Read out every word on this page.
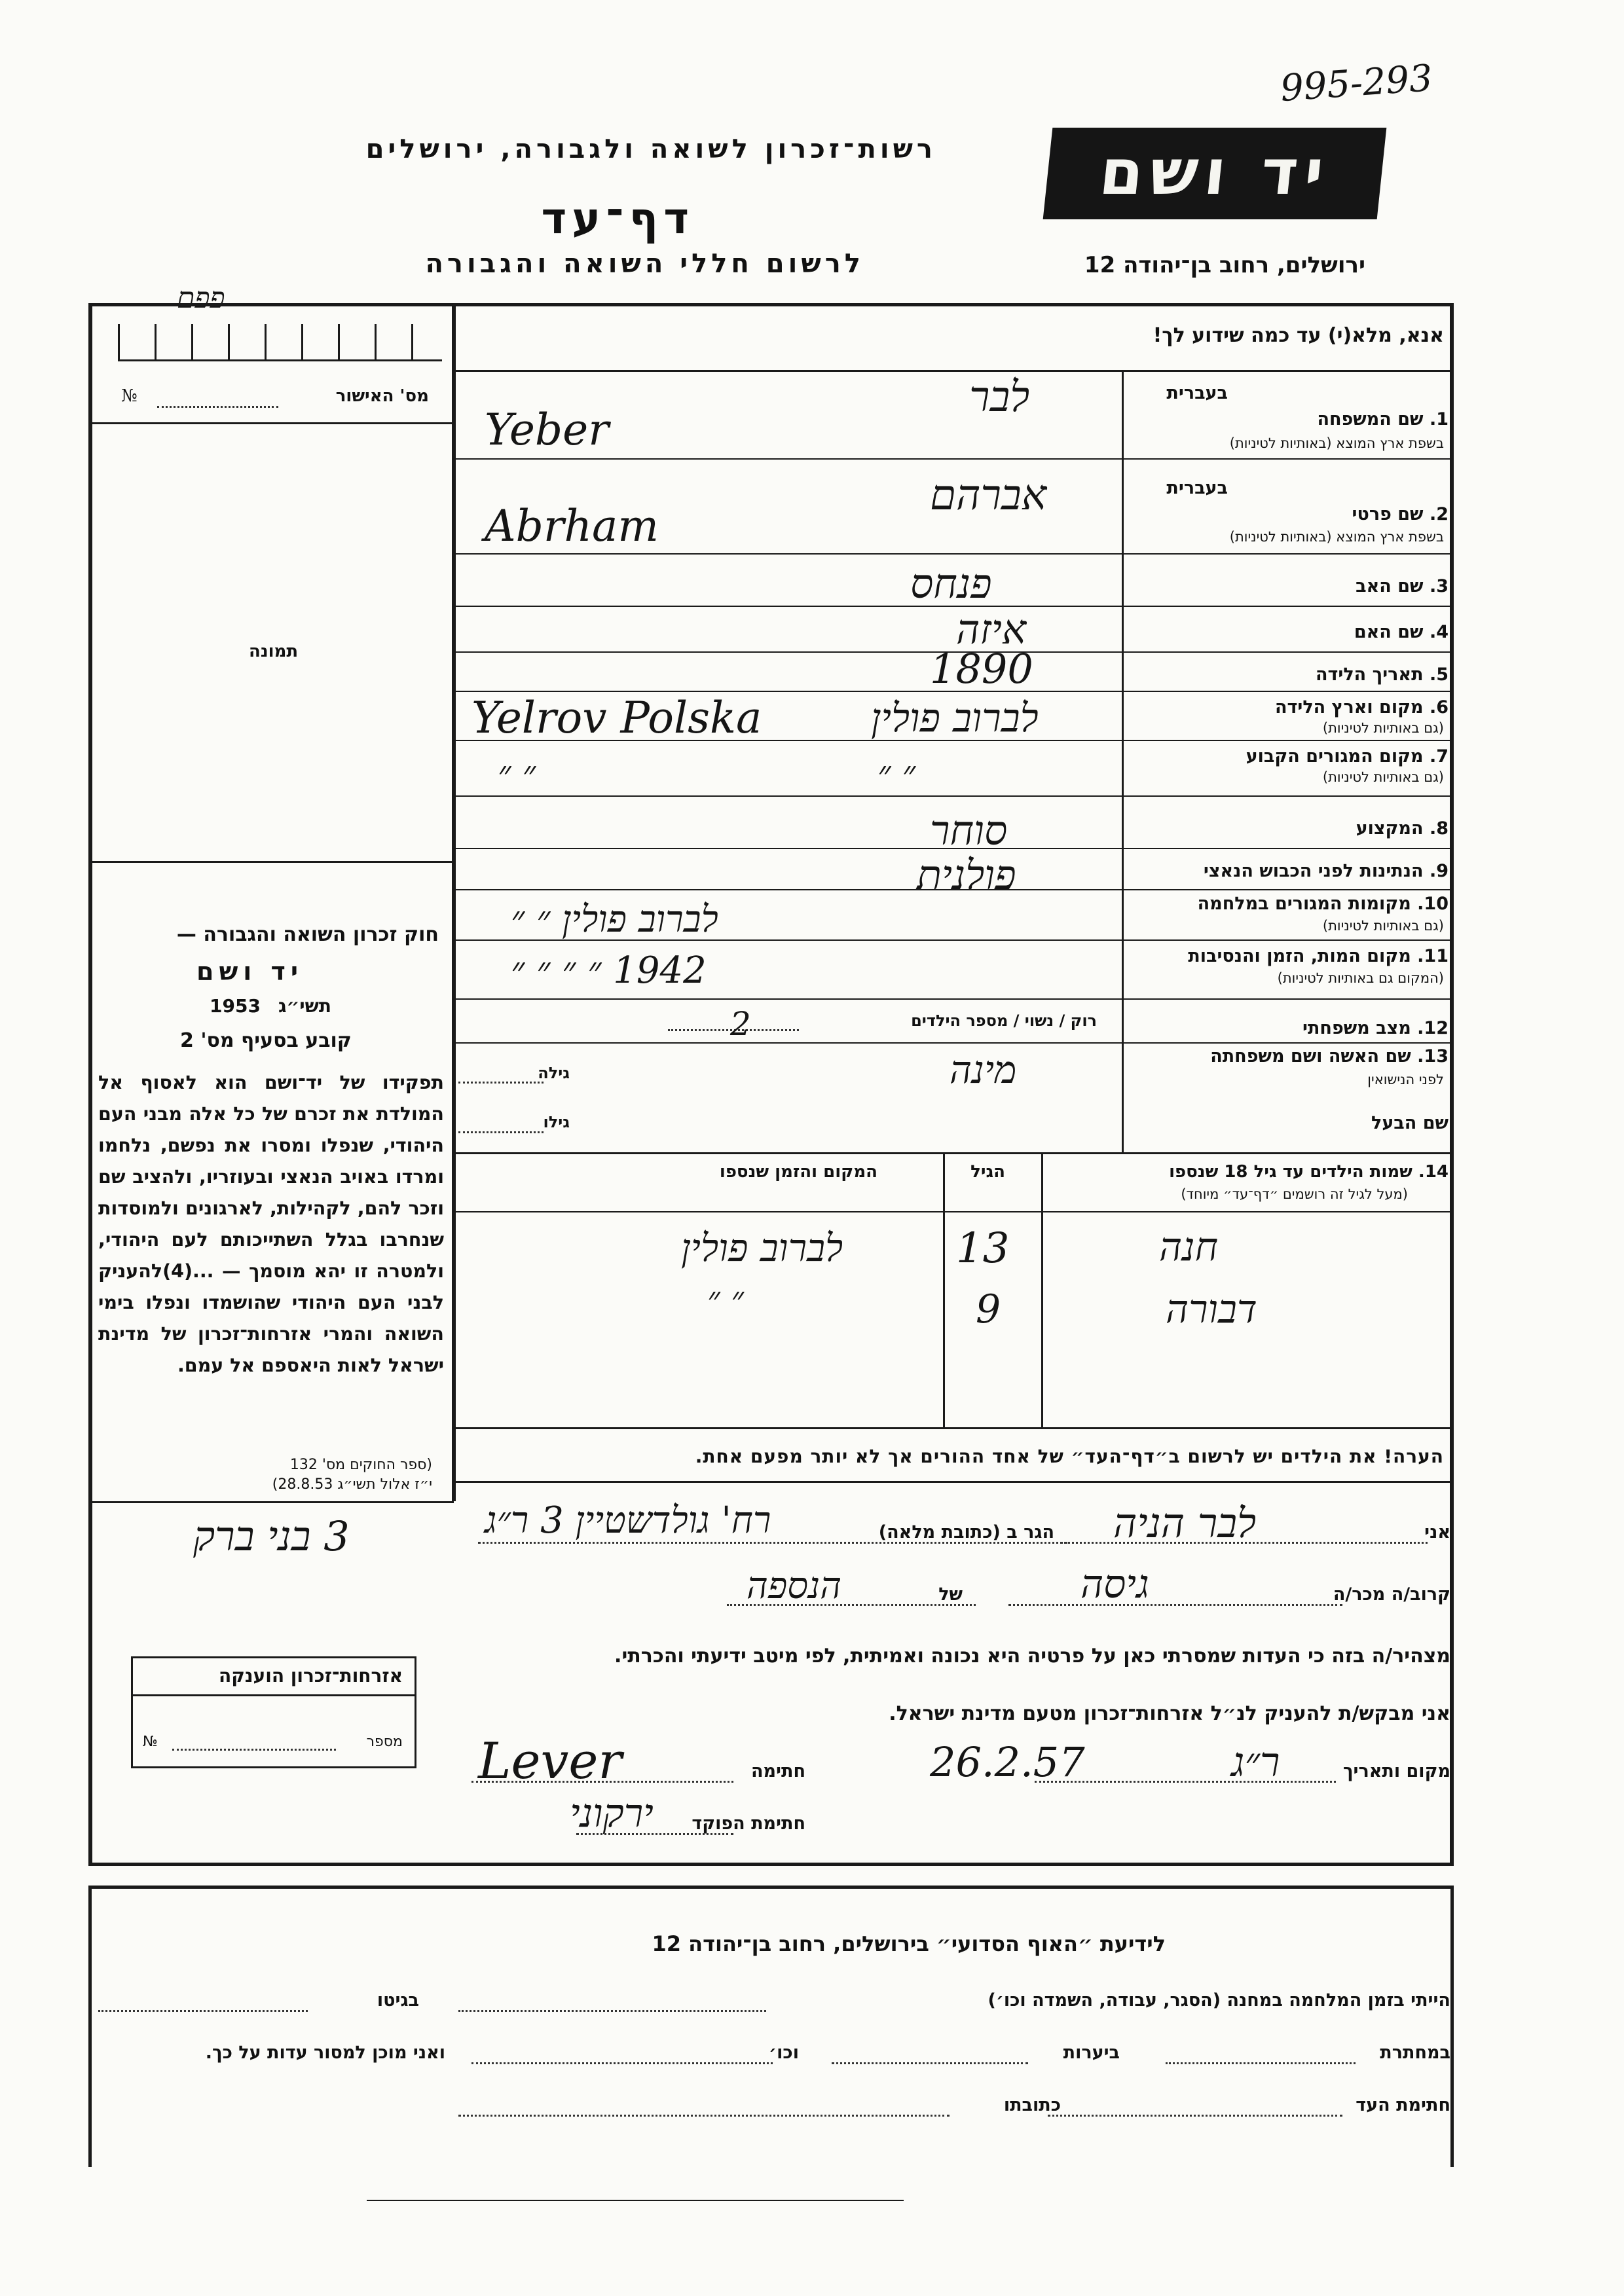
995-293
רשות־זכרון לשואה ולגבורה, ירושלים
דף־עד
לרשום חללי השואה והגבורה
יד ושם
ירושלים, רחוב בן־יהודה 12
פפם
מס' האישור
№
תמונה
חוק זכרון השואה והגבורה —
יד ושם
תשי״ג
1953
קובע בסעיף מס' 2
תפקידו של יד־ושם הוא לאסוף אל המולדת את זכרם של כל אלה מבני העם היהודי, שנפלו ומסרו את נפשם, נלחמו ומרדו באויב הנאצי ובעוזריו, ולהציב שם וזכר להם, לקהילות, לארגונים ולמוסדות שנחרבו בגלל השתייכותם לעם היהודי, ולמטרה זו יהא מוסמך — ...(4)להעניק לבני העם היהודי שהושמדו ונפלו בימי השואה והמרי אזרחות־זכרון של מדינת ישראל לאות היאספם אל עמם.
(ספר החוקים מס' 132
י״ז אלול תשי״ג 28.8.53)
אנא, מלא(י) עד כמה שידוע לך!
בעברית
1. שם המשפחה
בשפת ארץ המוצא (באותיות לטיניות)
בעברית
2. שם פרטי
בשפת ארץ המוצא (באותיות לטיניות)
3. שם האב
4. שם האם
5. תאריך הלידה
6. מקום וארץ הלידה
(גם באותיות לטיניות)
7. מקום המגורים הקבוע
(גם באותיות לטיניות)
8. המקצוע
9. הנתינות לפני הכבוש הנאצי
10. מקומות המגורים במלחמה
(גם באותיות לטיניות)
11. מקום המות, הזמן והנסיבות
(המקום גם באותיות לטיניות)
12. מצב משפחתי
רוק / נשוי / מספר הילדים
13. שם האשה ושם משפחתה
לפני הנישואין
גילה
שם הבעל
גילו
לבר
Yeber
אברהם
Abrham
פנחס
איזה
1890
Yelrov Polska	לברוב פולין
״ ״	״ ״
סוחר
פולנית
לברוב פולין ״ ״
1942 ״ ״ ״ ״
2
מינה
14. שמות הילדים עד גיל 18 שנספו
(מעל לגיל זה רושמים ״דף־עד״ מיוחד)
הגיל
המקום והזמן שנספו
חנה
13
לברוב פולין
דבורה
9
״ ״
הערה! את הילדים יש לרשום ב״דף־העד״ של אחד ההורים אך לא יותר מפעם אחת.
אני
לבר הניה
הגר ב (כתובת מלאה)
רח' גולדשטיין 3 ר״ג
3 בני ברק
קרוב/ה מכר/ה
גיסה
של
הנספה
מצהיר/ה בזה כי העדות שמסרתי כאן על פרטיה היא נכונה ואמיתית, לפי מיטב ידיעתי והכרתי.
אני מבקש/ת להעניק לנ״ל אזרחות־זכרון מטעם מדינת ישראל.
מקום ותאריך
ר״ג
26.2.57
חתימה
Lever
חתימת הפוקד
ירקוני
אזרחות־זכרון הוענקה
מספר
№
לידיעת ״האוף הסדועי״ בירושלים, רחוב בן־יהודה 12
הייתי בזמן המלחמה במחנה (הסגר, עבודה, השמדה וכו׳)
בגיטו
במחתרת
ביערות
וכו׳
ואני מוכן למסור עדות על כך.
חתימת העד
כתובתו
